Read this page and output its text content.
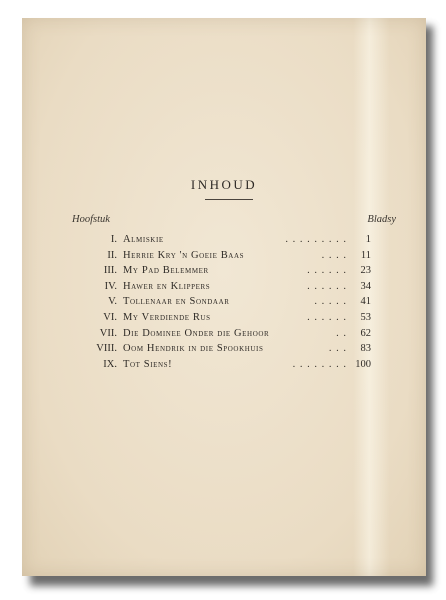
INHOUD
Hoofstuk	Bladsy
I. Almiskie	. . . . . . . . . 1
II. Herrie Kry 'n Goeie Baas	. . . . 11
III. My Pad Belemmer	. . . . . . 23
IV. Hawer en Klippers	. . . . . . 34
V. Tollenaar en Sondaar	. . . . . 41
VI. My Verdiende Rus	. . . . . . 53
VII. Die Dominee Onder die Gehoor	. . 62
VIII. Oom Hendrik in die Spookhuis	. . . 83
IX. Tot Siens!	. . . . . . . . 100
